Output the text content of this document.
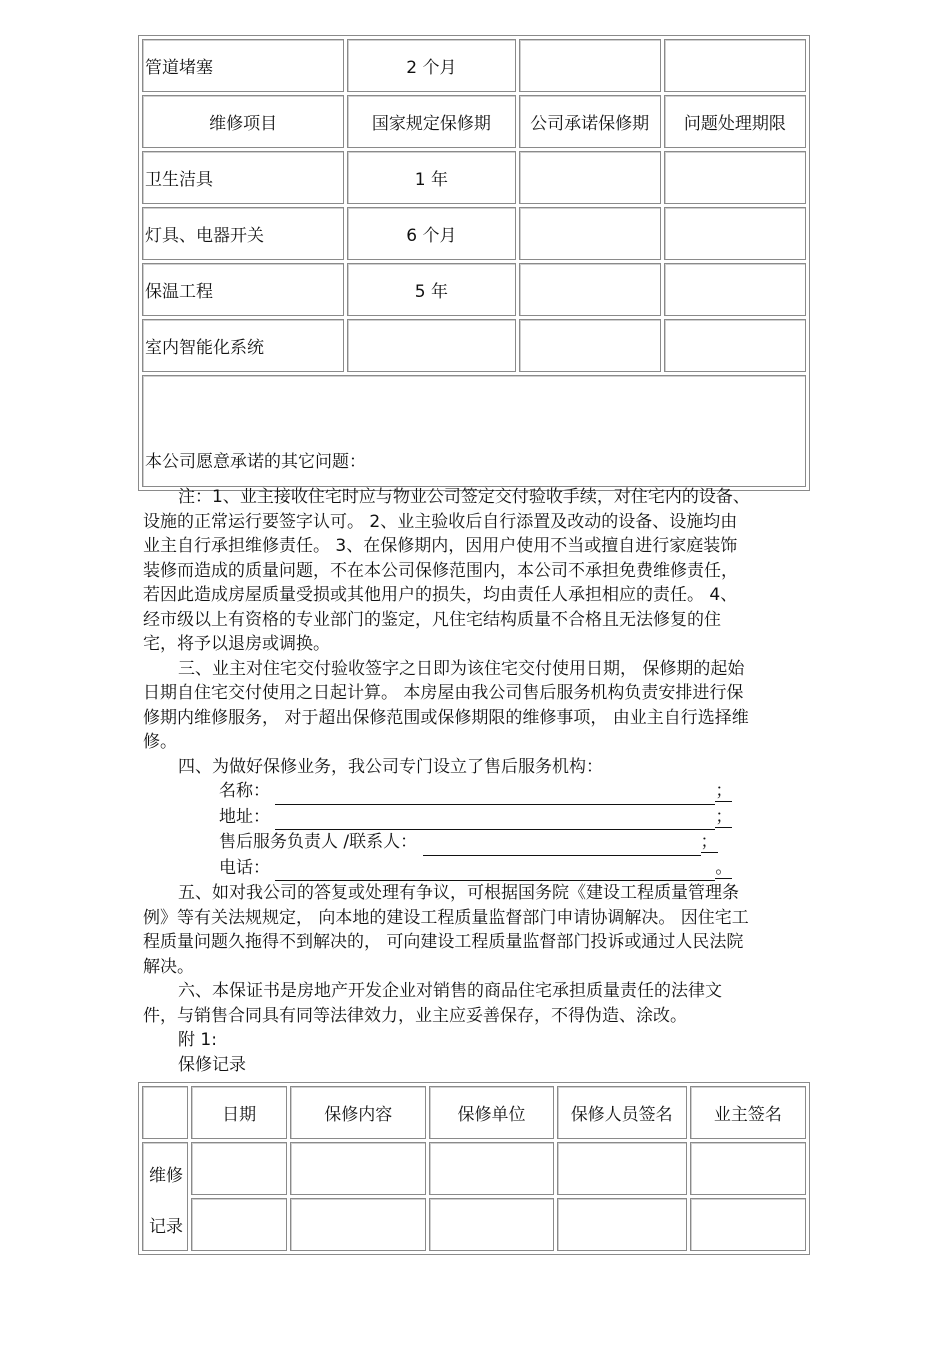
管道堵塞	2 个月		
维修项目	国家规定保修期	公司承诺保修期	问题处理期限
卫生洁具	1 年		
灯具、电器开关	6 个月		
保温工程	5 年		
室内智能化系统			
本公司愿意承诺的其它问题：			
注：1、业主接收住宅时应与物业公司签定交付验收手续，对住宅内的设备、
设施的正常运行要签字认可。 2、业主验收后自行添置及改动的设备、设施均由
业主自行承担维修责任。 3、在保修期内，因用户使用不当或擅自进行家庭装饰
装修而造成的质量问题，不在本公司保修范围内，本公司不承担免费维修责任，
若因此造成房屋质量受损或其他用户的损失，均由责任人承担相应的责任。 4、
经市级以上有资格的专业部门的鉴定，凡住宅结构质量不合格且无法修复的住
宅，将予以退房或调换。
三、业主对住宅交付验收签字之日即为该住宅交付使用日期， 保修期的起始
日期自住宅交付使用之日起计算。 本房屋由我公司售后服务机构负责安排进行保
修期内维修服务， 对于超出保修范围或保修期限的维修事项， 由业主自行选择维
修。
四、为做好保修业务，我公司专门设立了售后服务机构：
名称：	；
地址：	；
售后服务负责人 /联系人：	；
电话：	。
五、如对我公司的答复或处理有争议，可根据国务院《建设工程质量管理条
例》等有关法规规定， 向本地的建设工程质量监督部门申请协调解决。 因住宅工
程质量问题久拖得不到解决的， 可向建设工程质量监督部门投诉或通过人民法院
解决。
六、本保证书是房地产开发企业对销售的商品住宅承担质量责任的法律文
件，与销售合同具有同等法律效力，业主应妥善保存，不得伪造、涂改。
附 1:
保修记录
	日期	保修内容	保修单位	保修人员签名	业主签名

维修
记录					
